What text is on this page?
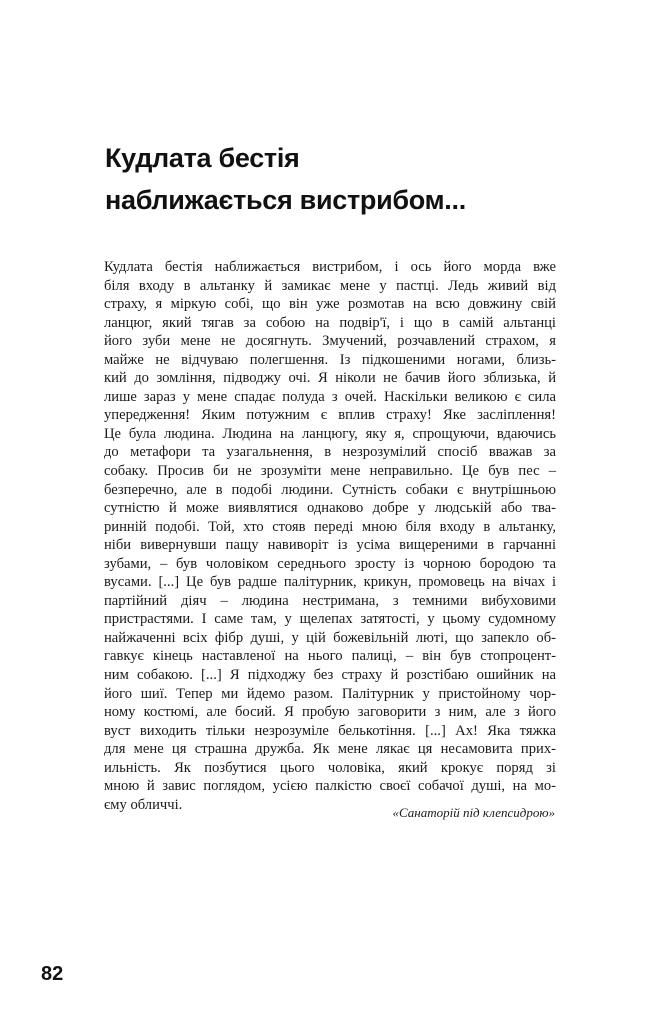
Кудлата бестія
наближається вистрибом...
Кудлата бестія наближається вистрибом, і ось його морда вже
біля входу в альтанку й замикає мене у пастці. Ледь живий від
страху, я міркую собі, що він уже розмотав на всю довжину свій
ланцюг, який тягав за собою на подвір'ї, і що в самій альтанці
його зуби мене не досягнуть. Змучений, розчавлений страхом, я
майже не відчуваю полегшення. Із підкошеними ногами, близь-
кий до зомління, підводжу очі. Я ніколи не бачив його зблизька, й
лише зараз у мене спадає полуда з очей. Наскільки великою є сила
упередження! Яким потужним є вплив страху! Яке засліплення!
Це була людина. Людина на ланцюгу, яку я, спрощуючи, вдаючись
до метафори та узагальнення, в незрозумілий спосіб вважав за
собаку. Просив би не зрозуміти мене неправильно. Це був пес –
безперечно, але в подобі людини. Сутність собаки є внутрішньою
сутністю й може виявлятися однаково добре у людській або тва-
ринній подобі. Той, хто стояв переді мною біля входу в альтанку,
ніби вивернувши пащу навиворіт із усіма вищереними в гарчанні
зубами, – був чоловіком середнього зросту із чорною бородою та
вусами. [...] Це був радше палітурник, крикун, промовець на вічах і
партійний діяч – людина нестримана, з темними вибуховими
пристрастями. І саме там, у щелепах затятості, у цьому судомному
найжаченні всіх фібр душі, у цій божевільній люті, що запекло об-
гавкує кінець наставленої на нього палиці, – він був стопроцент-
ним собакою. [...] Я підходжу без страху й розстібаю ошийник на
його шиї. Тепер ми йдемо разом. Палітурник у пристойному чор-
ному костюмі, але босий. Я пробую заговорити з ним, але з його
вуст виходить тільки незрозуміле белькотіння. [...] Ах! Яка тяжка
для мене ця страшна дружба. Як мене лякає ця несамовита прих-
ильність. Як позбутися цього чоловіка, який крокує поряд зі
мною й завис поглядом, усією палкістю своєї собачої душі, на мо-
єму обличчі.	«Санаторій під клепсидрою»
82
